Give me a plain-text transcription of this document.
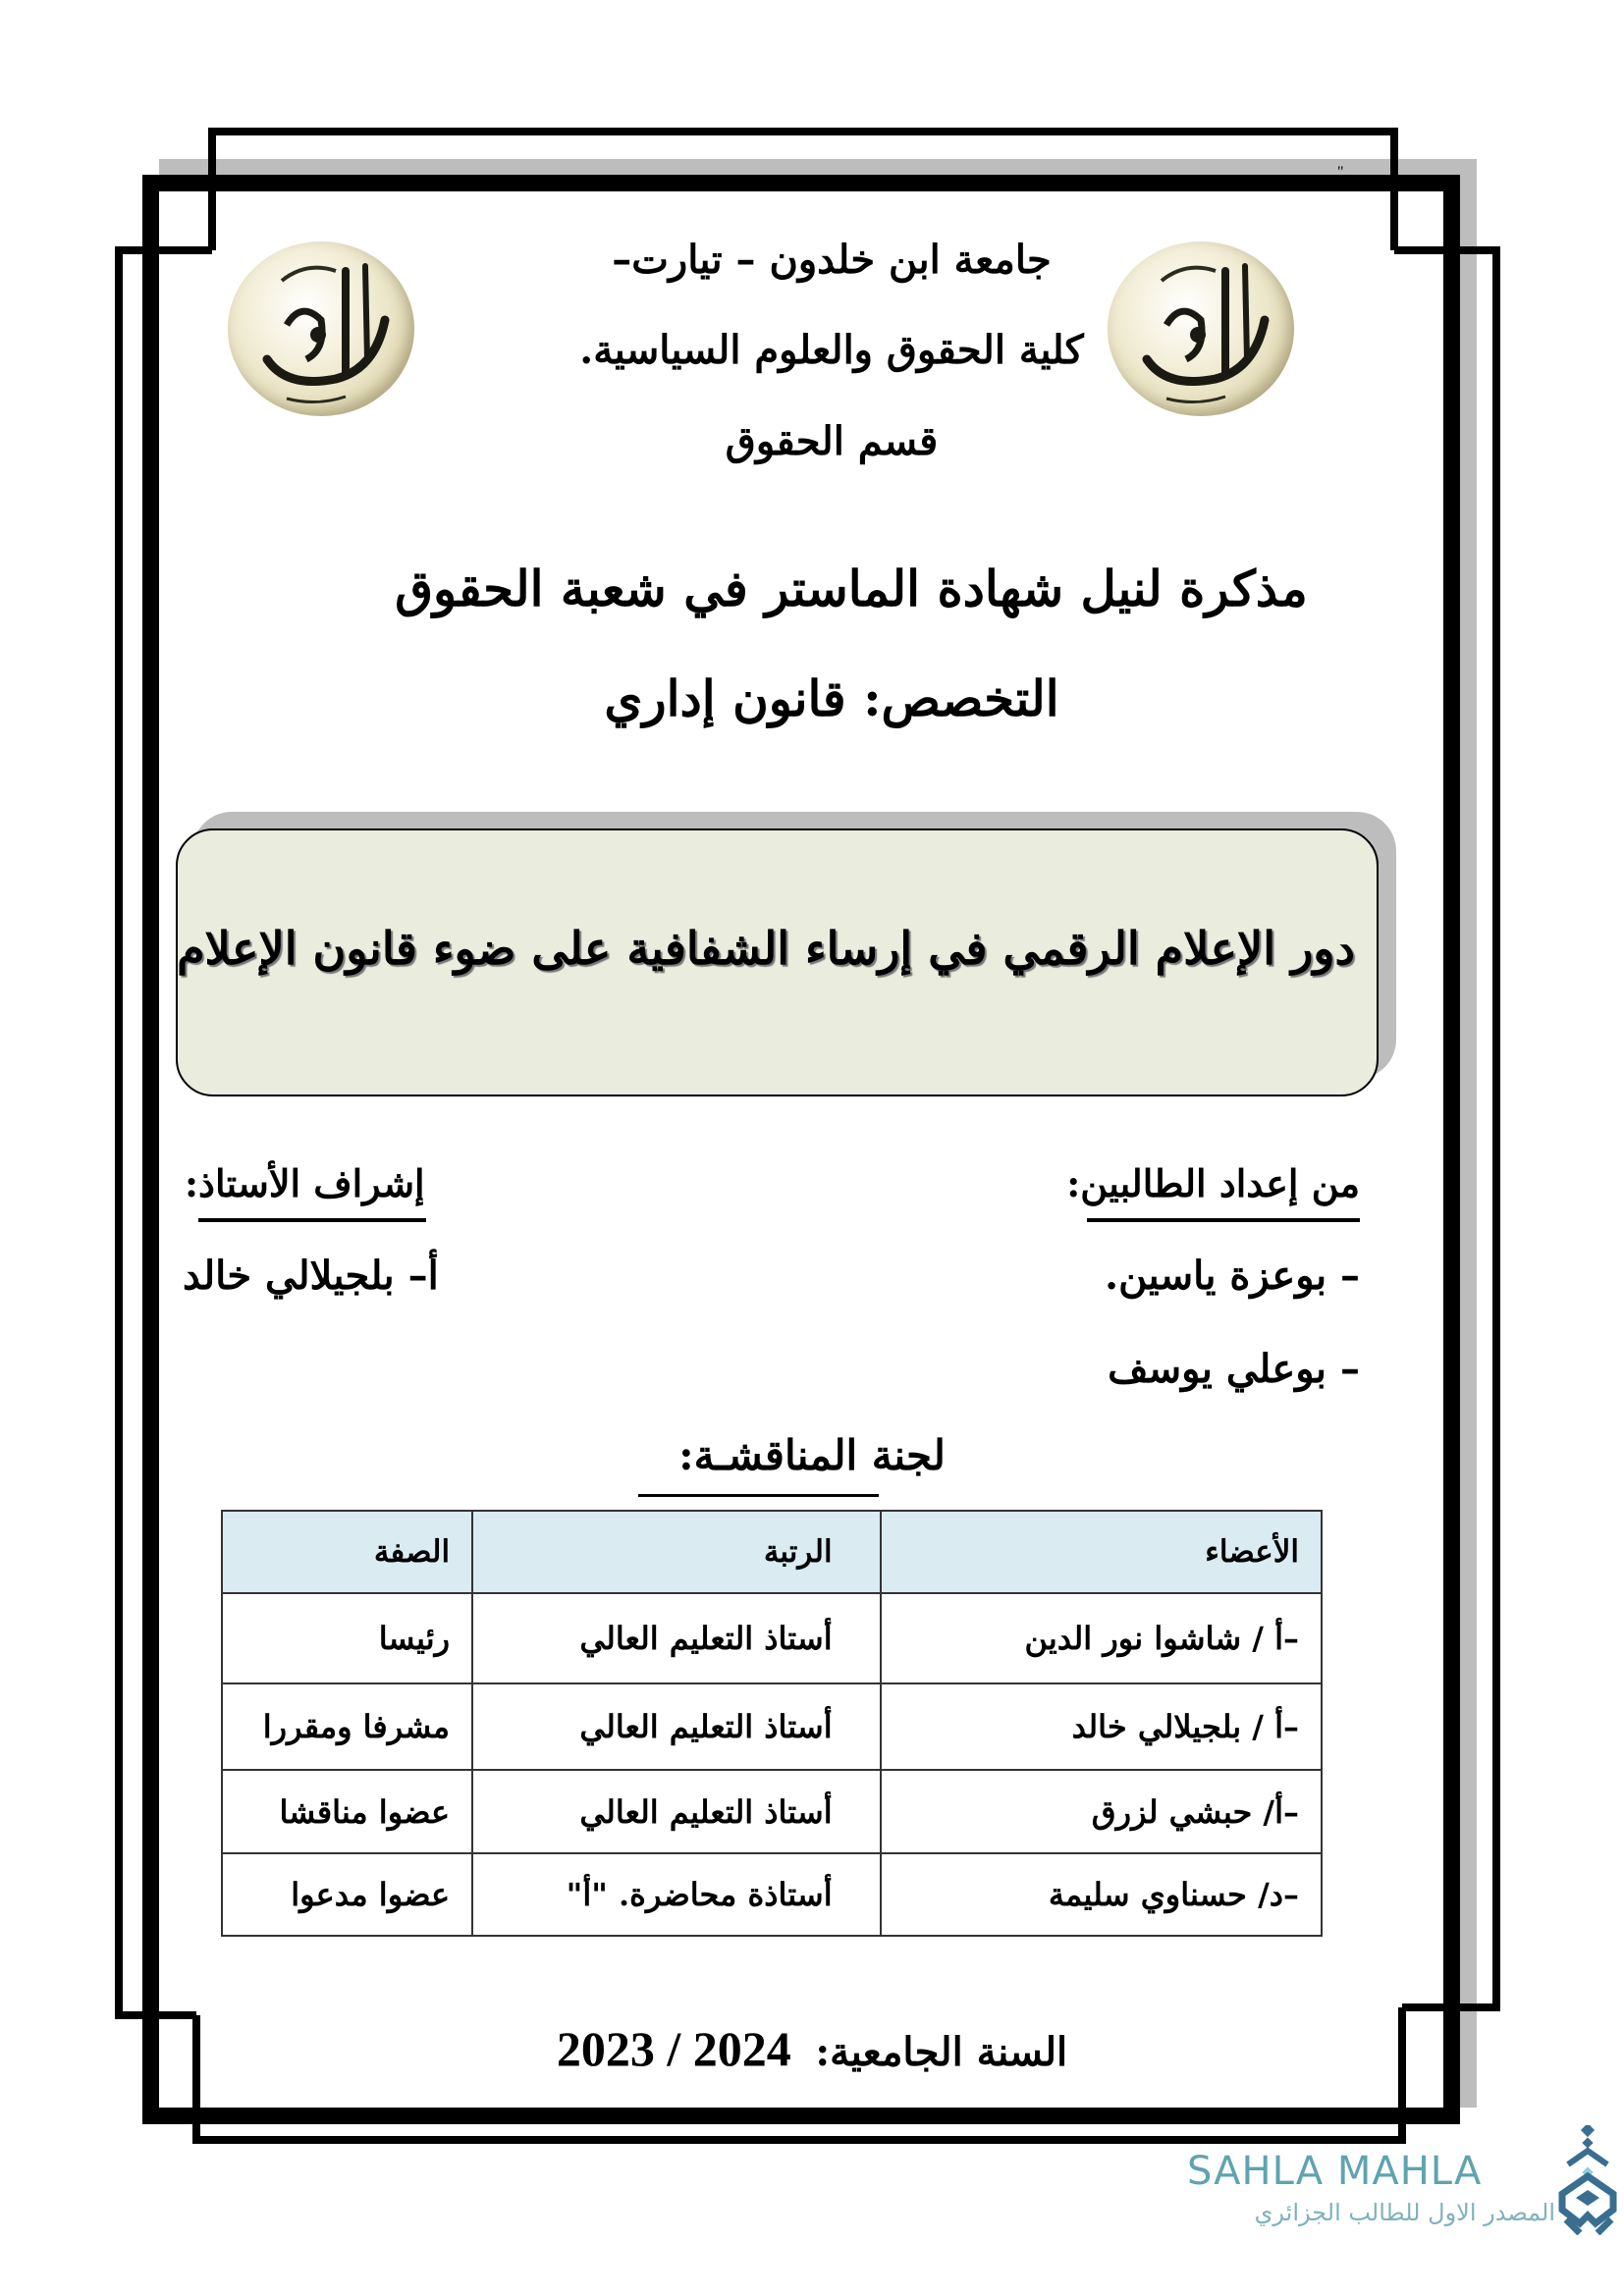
"
جامعة ابن خلدون – تيارت–
كلية الحقوق والعلوم السياسية.
قسم الحقوق
مذكرة لنيل شهادة الماستر في شعبة الحقوق
التخصص: قانون إداري
دور الإعلام الرقمي في إرساء الشفافية على ضوء قانون الإعلام
من إعداد الطالبين:
– بوعزة ياسين.
– بوعلي يوسف
إشراف الأستاذ:
أ– بلجيلالي خالد
لجنة المناقشـة:
الأعضاء	الرتبة	الصفة
–أ / شاشوا نور الدين	أستاذ التعليم العالي	رئيسا
–أ / بلجيلالي خالد	أستاذ التعليم العالي	مشرفا ومقررا
–أ/ حبشي لزرق	أستاذ التعليم العالي	عضوا مناقشا
–د/ حسناوي سليمة	أستاذة محاضرة. "أ"	عضوا مدعوا
2023 / 2024 السنة الجامعية:
SAHLA MAHLA
المصدر الاول للطالب الجزائري
